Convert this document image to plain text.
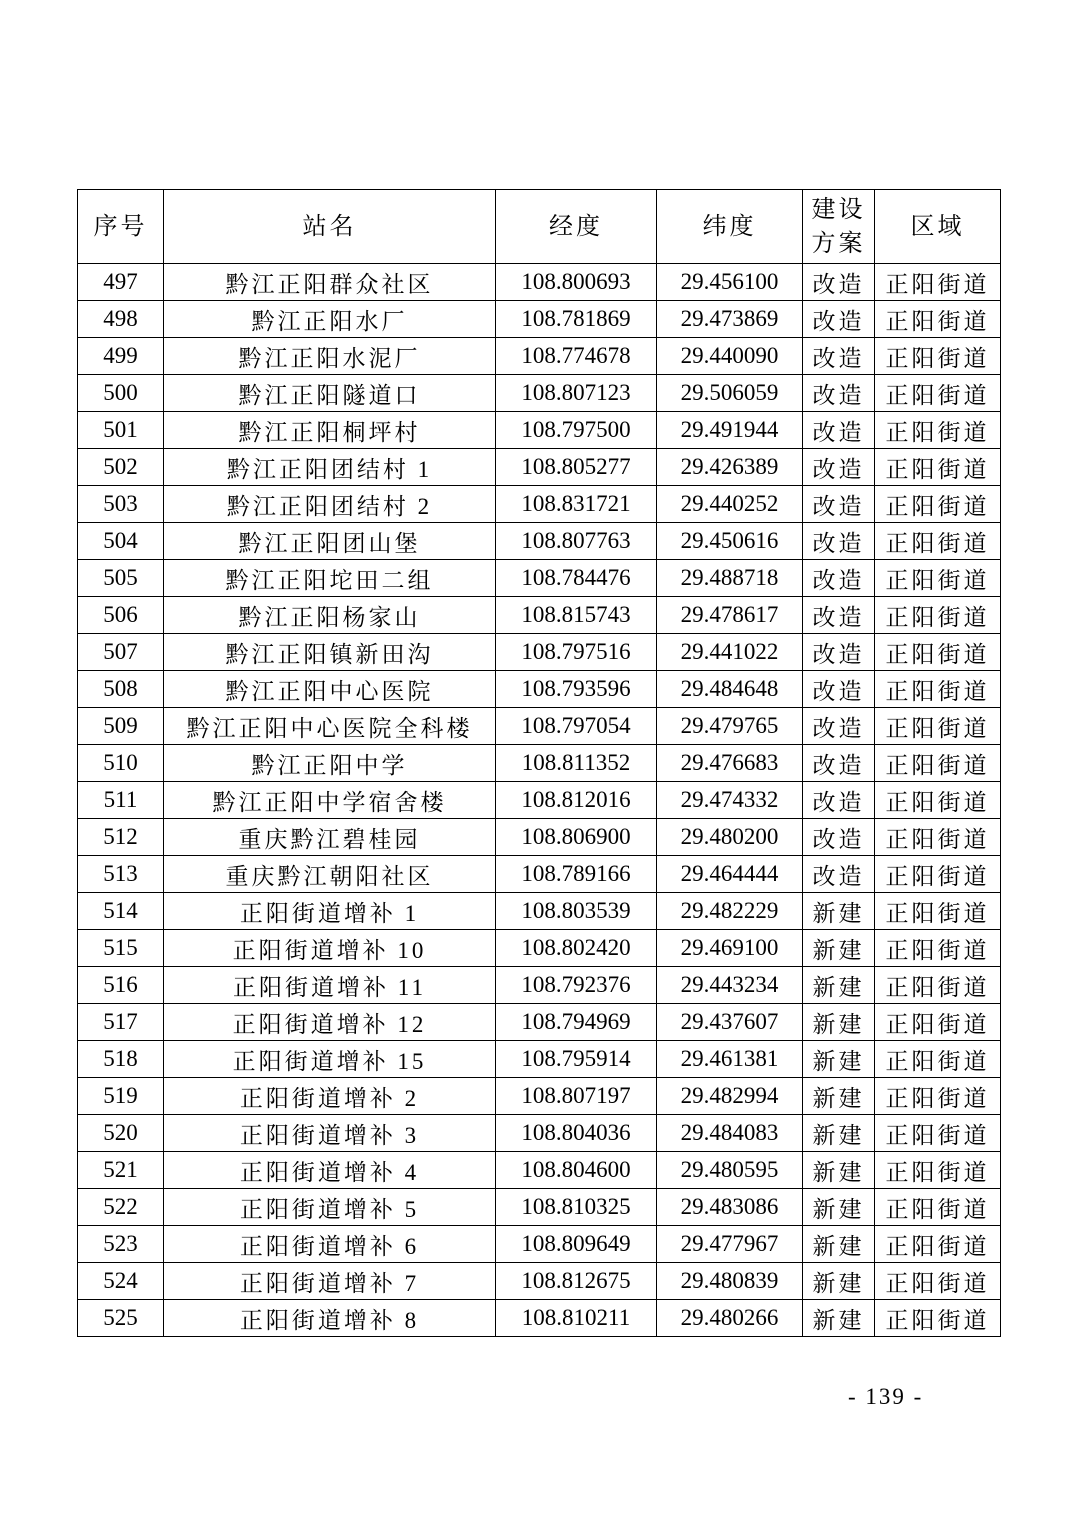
序号	站名	经度	纬度	建设方案	区域
497	黔江正阳群众社区	108.800693	29.456100	改造	正阳街道
498	黔江正阳水厂	108.781869	29.473869	改造	正阳街道
499	黔江正阳水泥厂	108.774678	29.440090	改造	正阳街道
500	黔江正阳隧道口	108.807123	29.506059	改造	正阳街道
501	黔江正阳桐坪村	108.797500	29.491944	改造	正阳街道
502	黔江正阳团结村 1	108.805277	29.426389	改造	正阳街道
503	黔江正阳团结村 2	108.831721	29.440252	改造	正阳街道
504	黔江正阳团山堡	108.807763	29.450616	改造	正阳街道
505	黔江正阳坨田二组	108.784476	29.488718	改造	正阳街道
506	黔江正阳杨家山	108.815743	29.478617	改造	正阳街道
507	黔江正阳镇新田沟	108.797516	29.441022	改造	正阳街道
508	黔江正阳中心医院	108.793596	29.484648	改造	正阳街道
509	黔江正阳中心医院全科楼	108.797054	29.479765	改造	正阳街道
510	黔江正阳中学	108.811352	29.476683	改造	正阳街道
511	黔江正阳中学宿舍楼	108.812016	29.474332	改造	正阳街道
512	重庆黔江碧桂园	108.806900	29.480200	改造	正阳街道
513	重庆黔江朝阳社区	108.789166	29.464444	改造	正阳街道
514	正阳街道增补 1	108.803539	29.482229	新建	正阳街道
515	正阳街道增补 10	108.802420	29.469100	新建	正阳街道
516	正阳街道增补 11	108.792376	29.443234	新建	正阳街道
517	正阳街道增补 12	108.794969	29.437607	新建	正阳街道
518	正阳街道增补 15	108.795914	29.461381	新建	正阳街道
519	正阳街道增补 2	108.807197	29.482994	新建	正阳街道
520	正阳街道增补 3	108.804036	29.484083	新建	正阳街道
521	正阳街道增补 4	108.804600	29.480595	新建	正阳街道
522	正阳街道增补 5	108.810325	29.483086	新建	正阳街道
523	正阳街道增补 6	108.809649	29.477967	新建	正阳街道
524	正阳街道增补 7	108.812675	29.480839	新建	正阳街道
525	正阳街道增补 8	108.810211	29.480266	新建	正阳街道
- 139 -
